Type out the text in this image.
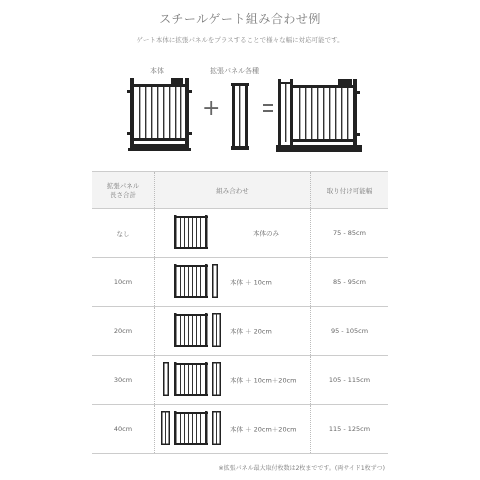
スチールゲート組み合わせ例
ゲート本体に拡張パネルをプラスすることで様々な幅に対応可能です。
本体	拡張パネル各種
+
拡張パネル
長さ合計	組み合わせ	取り付け可能幅
なし	本体のみ	75 - 85cm
10cm	本体 ＋ 10cm	85 - 95cm
20cm	本体 ＋ 20cm	95 - 105cm
30cm	本体 ＋ 10cm＋20cm	105 - 115cm
40cm	本体 ＋ 20cm＋20cm	115 - 125cm
※拡張パネル最大取付枚数は2枚までです。(両サイド1枚ずつ)
